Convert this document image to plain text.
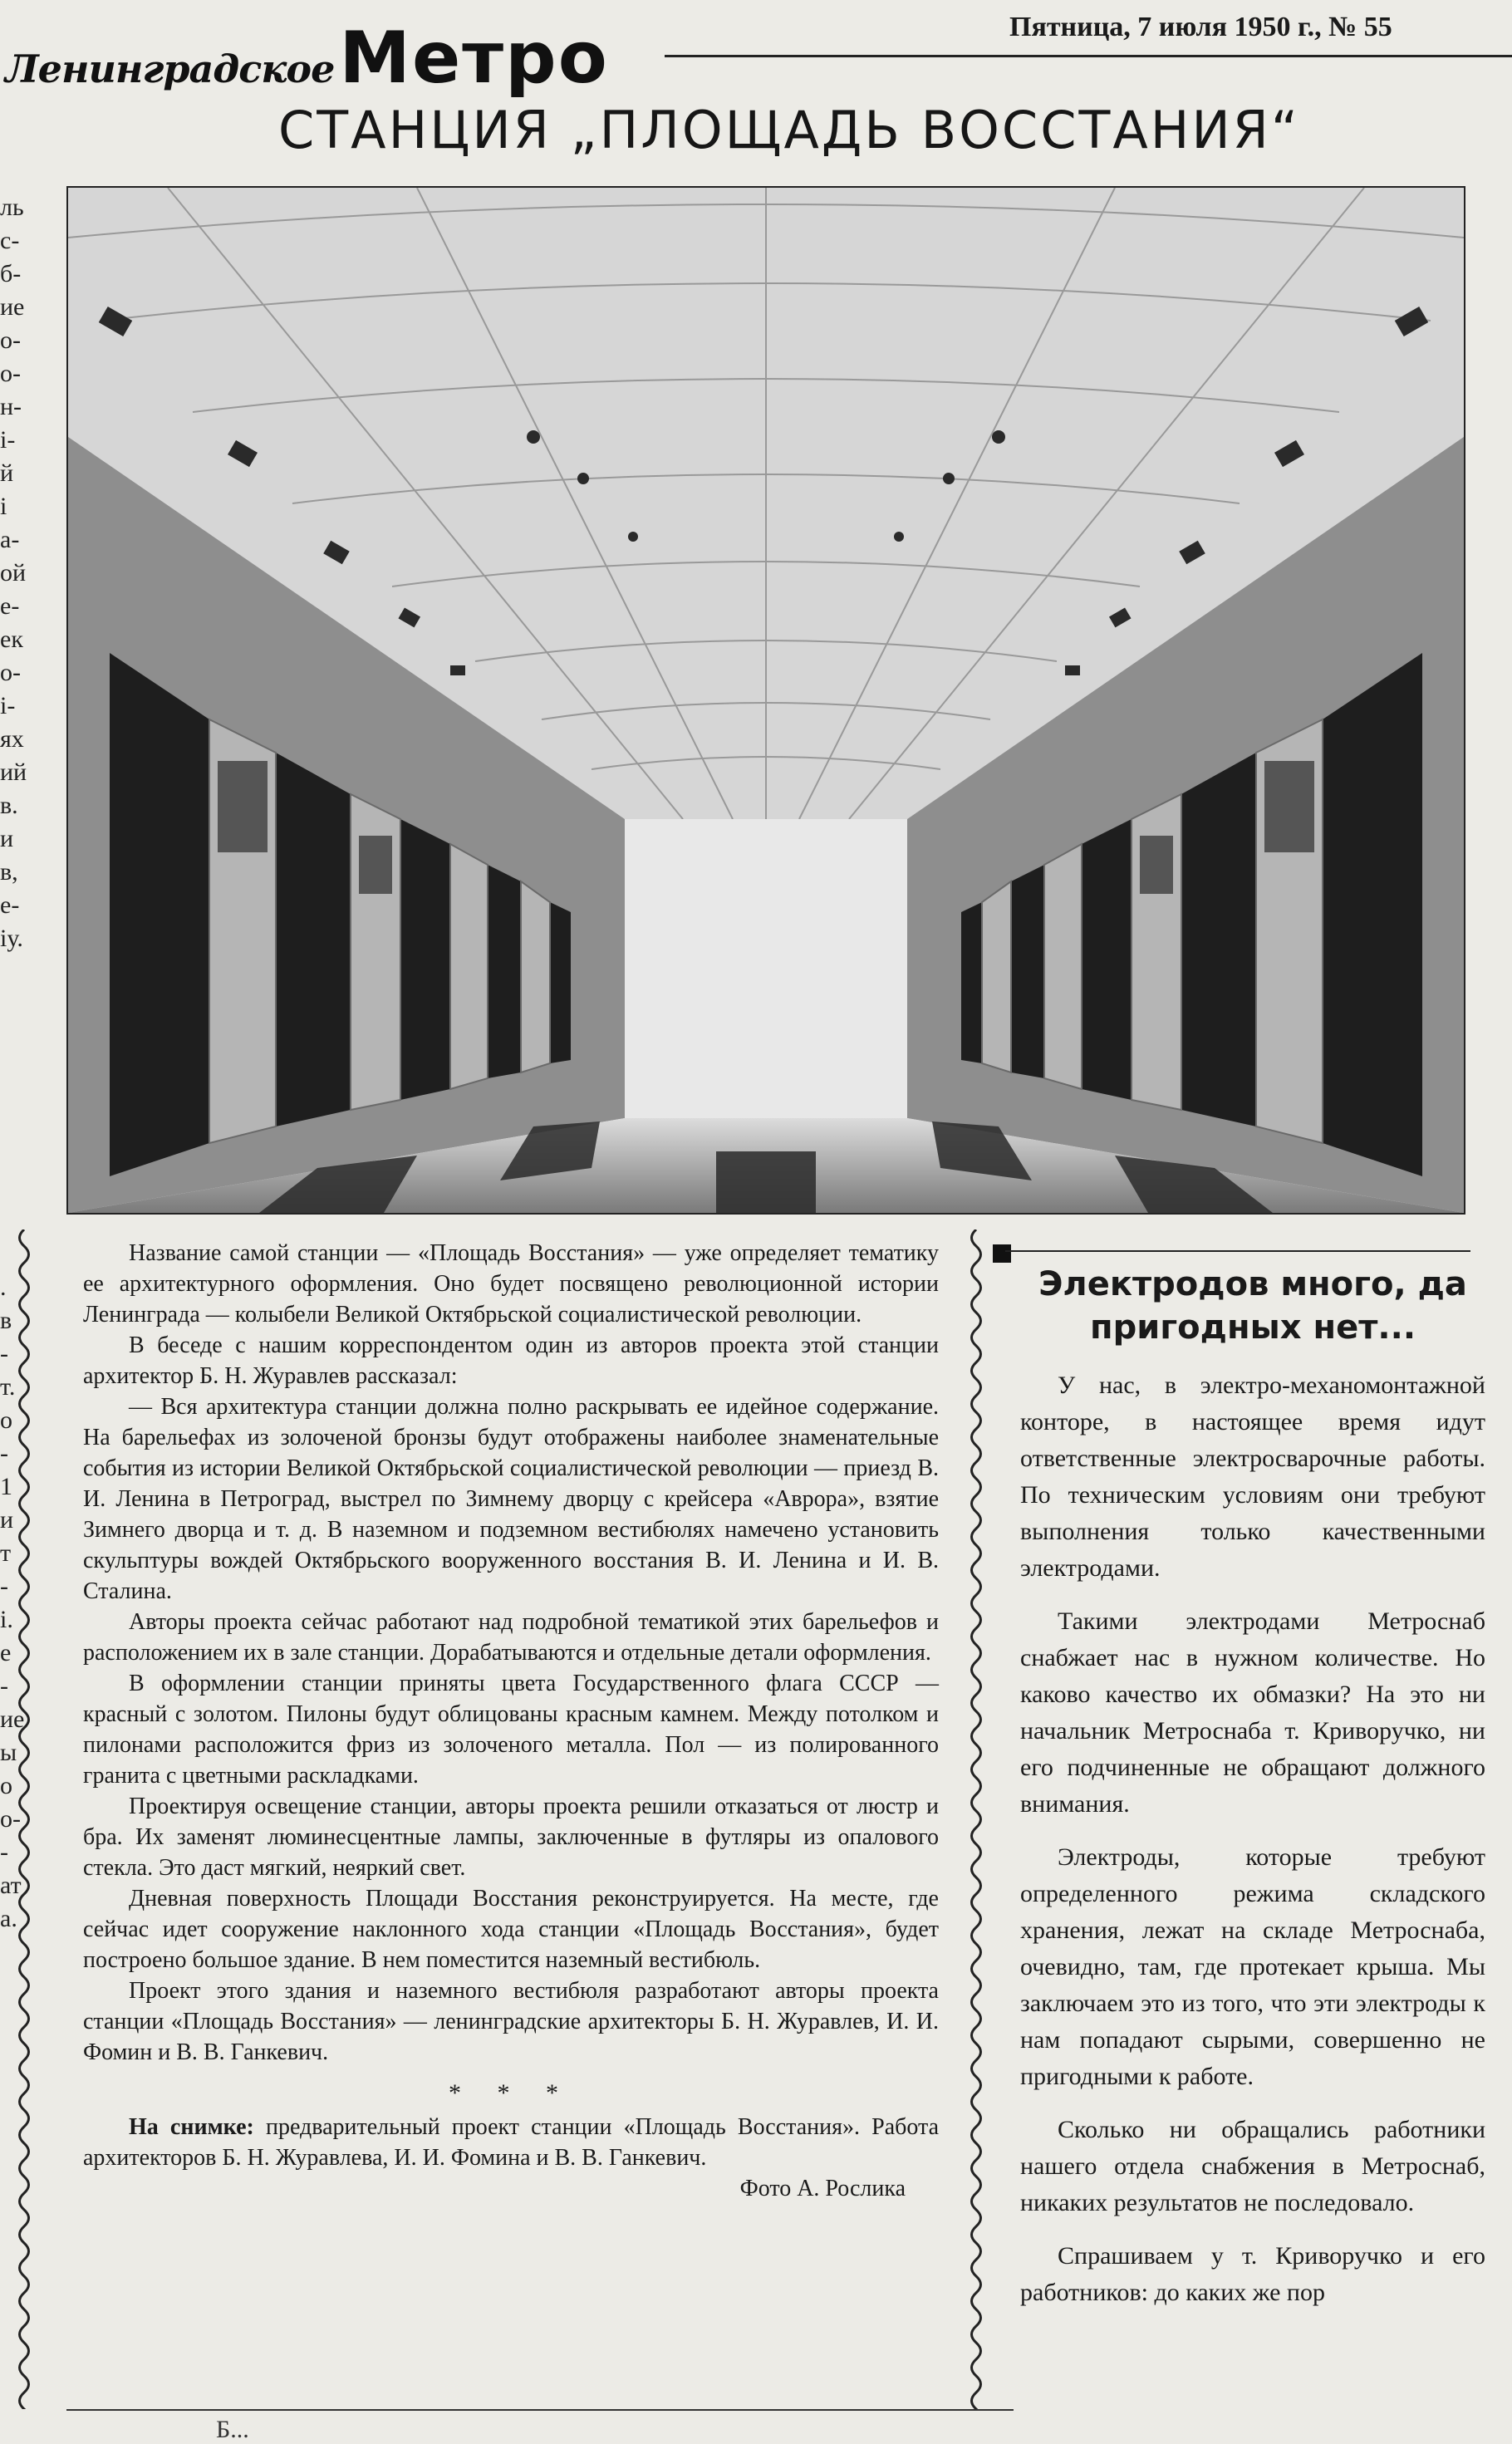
ЛенинградскоеМетро	Пятница, 7 июля 1950 г., № 55
СТАНЦИЯ „ПЛОЩАДЬ ВОССТАНИЯ“
ль
с-
б-
ие
о-
о-
н-
і-
й
і
а-
ой
е-
ек
о-
і-
ях
ий
в.
и
в,
е-
іу.
.
в
-
т.
о
-
1
и
т
-
і.
е
-
ие
ы
о
о-
-
ат
а.

Название самой станции — «Площадь Восстания» — уже определяет тематику ее архитектурного оформления. Оно будет посвящено революционной истории Ленинграда — колыбели Великой Октябрьской социалистической революции.

В беседе с нашим корреспондентом один из авторов проекта этой станции архитектор Б. Н. Журавлев рассказал:

— Вся архитектура станции должна полно раскрывать ее идейное содержание. На барельефах из золоченой бронзы будут отображены наиболее знаменательные события из истории Великой Октябрьской социалистической революции — приезд В. И. Ленина в Петроград, выстрел по Зимнему дворцу с крейсера «Аврора», взятие Зимнего дворца и т. д. В наземном и подземном вестибюлях намечено установить скульптуры вождей Октябрьского вооруженного восстания В. И. Ленина и И. В. Сталина.

Авторы проекта сейчас работают над подробной тематикой этих барельефов и расположением их в зале станции. Дорабатываются и отдельные детали оформления.

В оформлении станции приняты цвета Государственного флага СССР — красный с золотом. Пилоны будут облицованы красным камнем. Между потолком и пилонами расположится фриз из золоченого металла. Пол — из полированного гранита с цветными раскладками.

Проектируя освещение станции, авторы проекта решили отказаться от люстр и бра. Их заменят люминесцентные лампы, заключенные в футляры из опалового стекла. Это даст мягкий, неяркий свет.

Дневная поверхность Площади Восстания реконструируется. На месте, где сейчас идет сооружение наклонного хода станции «Площадь Восстания», будет построено большое здание. В нем поместится наземный вестибюль.

Проект этого здания и наземного вестибюля разработают авторы проекта станции «Площадь Восстания» — ленинградские архитекторы Б. Н. Журавлев, И. И. Фомин и В. В. Ганкевич.

* * *

На снимке: предварительный проект станции «Площадь Восстания». Работа архитекторов Б. Н. Журавлева, И. И. Фомина и В. В. Ганкевич.
Фото А. Рослика

Электродов много, да пригодных нет...

У нас, в электро-механомонтажной конторе, в настоящее время идут ответственные электросварочные работы. По техническим условиям они требуют выполнения только качественными электродами.

Такими электродами Метроснаб снабжает нас в нужном количестве. Но каково качество их обмазки? На это ни начальник Метроснаба т. Криворучко, ни его подчиненные не обращают должного внимания.

Электроды, которые требуют определенного режима складского хранения, лежат на складе Метроснаба, очевидно, там, где протекает крыша. Мы заключаем это из того, что эти электроды к нам попадают сырыми, совершенно не пригодными к работе.

Сколько ни обращались работники нашего отдела снабжения в Метроснаб, никаких результатов не последовало.

Спрашиваем у т. Криворучко и его работников: до каких же пор

Б...
